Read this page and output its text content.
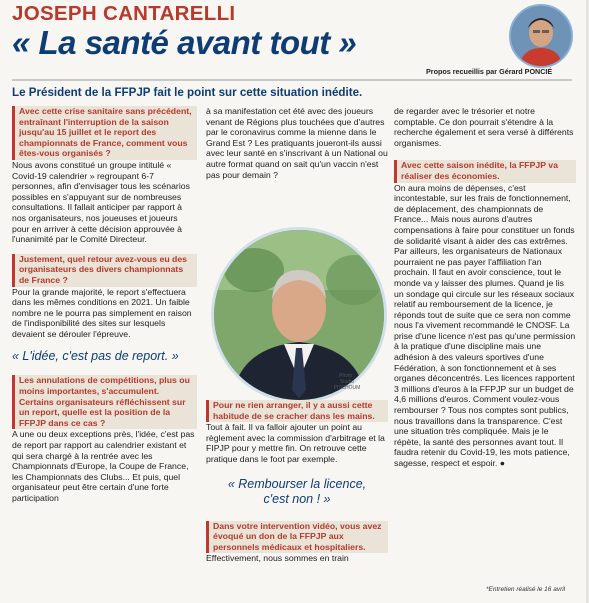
JOSEPH CANTARELLI
« La santé avant tout »
Propos recueillis par Gérard PONCIÉ
Le Président de la FFPJP fait le point sur cette situation inédite.

Avec cette crise sanitaire sans précédent, entraînant l'interruption de la saison jusqu'au 15 juillet et le report des championnats de France, comment vous êtes-vous organisés ?

Nous avons constitué un groupe intitulé « Covid-19 calendrier » regroupant 6-7 personnes, afin d'envisager tous les scénarios possibles en s'appuyant sur de nombreuses consultations. Il fallait anticiper par rapport à nos organisateurs, nos joueuses et joueurs pour en arriver à cette décision approuvée à l'unanimité par le Comité Directeur.

Justement, quel retour avez-vous eu des organisateurs des divers championnats de France ?

Pour la grande majorité, le report s'effectuera dans les mêmes conditions en 2021. Un faible nombre ne le pourra pas simplement en raison de l'indisponibilité des sites sur lesquels devaient se dérouler l'épreuve.

« L'idée, c'est pas de report. »

Les annulations de compétitions, plus ou moins importantes, s'accumulent. Certains organisateurs réfléchissent sur un report, quelle est la position de la FFPJP dans ce cas ?

A une ou deux exceptions près, l'idée, c'est pas de report par rapport au calendrier existant et qui sera chargé à la rentrée avec les Championnats d'Europe, la Coupe de France, les Championnats des Clubs... Et puis, quel organisateur peut être certain d'une forte participation

à sa manifestation cet été avec des joueurs venant de Régions plus touchées que d'autres par le coronavirus comme la mienne dans le Grand Est ? Les pratiquants joueront-ils aussi avec leur santé en s'inscrivant à un National ou autre format quand on sait qu'un vaccin n'est pas pour demain ?

Photo : Studio PITCHOUM

Pour ne rien arranger, il y a aussi cette habitude de se cracher dans les mains.

Tout à fait. Il va falloir ajouter un point au règlement avec la commission d'arbitrage et la FIPJP pour y mettre fin. On retrouve cette pratique dans le foot par exemple.

« Rembourser la licence, c'est non ! »

Dans votre intervention vidéo, vous avez évoqué un don de la FFPJP aux personnels médicaux et hospitaliers.

Effectivement, nous sommes en train

de regarder avec le trésorier et notre comptable. Ce don pourrait s'étendre à la recherche également et sera versé à différents organismes.

Avec cette saison inédite, la FFPJP va réaliser des économies.

On aura moins de dépenses, c'est incontestable, sur les frais de fonctionnement, de déplacement, des championnats de France... Mais nous aurons d'autres compensations à faire pour constituer un fonds de solidarité visant à aider des cas extrêmes. Par ailleurs, les organisateurs de Nationaux pourraient ne pas payer l'affiliation l'an prochain. Il faut en avoir conscience, tout le monde va y laisser des plumes. Quand je lis un sondage qui circule sur les réseaux sociaux relatif au remboursement de la licence, je réponds tout de suite que ce sera non comme nous l'a vivement recommandé le CNOSF. La prise d'une licence n'est pas qu'une permission à la pratique d'une discipline mais une adhésion à des valeurs sportives d'une Fédération, à son fonctionnement et à ses organes déconcentrés. Les licences rapportent 3 millions d'euros à la FFPJP sur un budget de 4,6 millions d'euros. Comment voulez-vous rembourser ? Tous nos comptes sont publics, nous travaillons dans la transparence. C'est une situation très compliquée. Mais je le répète, la santé des personnes avant tout. Il faudra retenir du Covid-19, les mots patience, sagesse, respect et espoir. ●

*Entretien réalisé le 16 avril
